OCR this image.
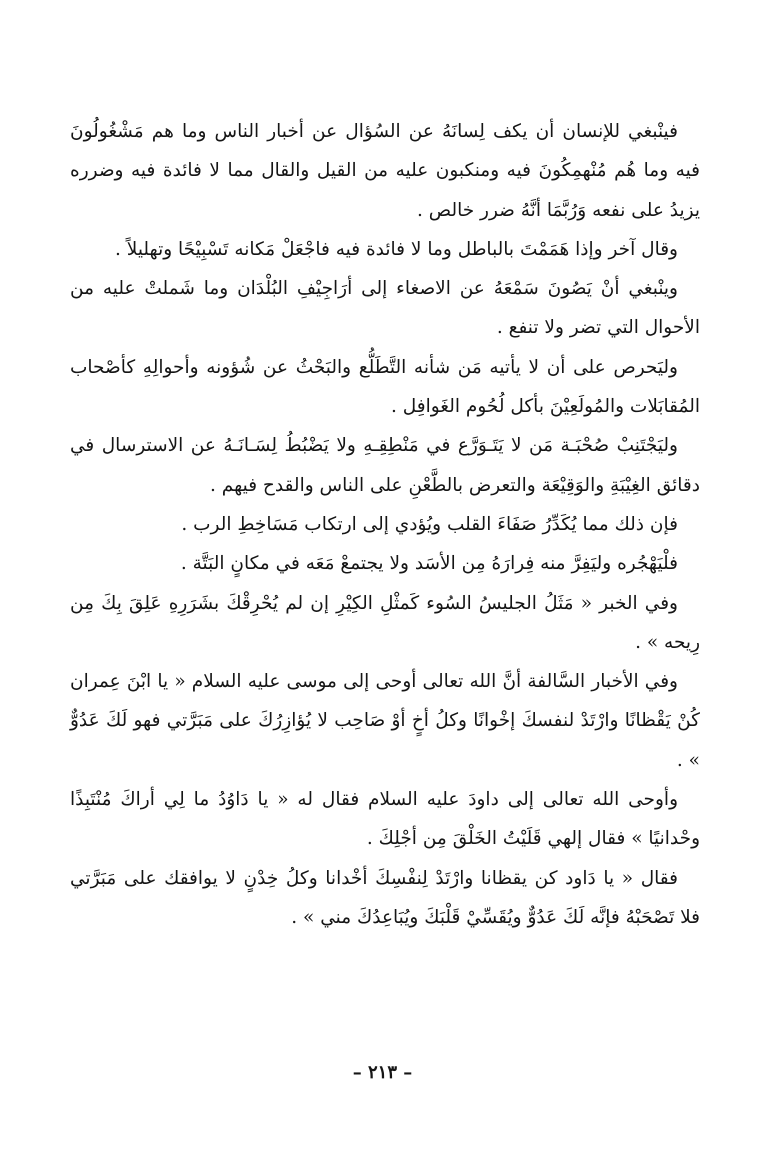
فينْبغي للإنسان أن يكف لِسانَهُ عن السُؤال عن أخبار الناس وما هم مَشْغُولُونَ فيه وما هُم مُنْهمِكُونَ فيه ومنكبون عليه من القيل والقال مما لا فائدة فيه وضرره يزيدُ على نفعه وَرُبَّمَا أنَّهُ ضرر خالص .

وقال آخر وإذا هَمَمْتَ بالباطل وما لا فائدة فيه فاجْعَلْ مَكانه تَسْبِيْحًا وتهليلاً .

وينْبغي أنْ يَصُونَ سَمْعَهُ عن الاصغاء إلى أرَاجِيْفِ البُلْدَان وما شَملتْ عليه من الأحوال التي تضر ولا تنفع .

وليَحرص على أن لا يأتيه مَن شأنه التَّطَلُّع والبَحْثُ عن شُؤونه وأحوالِهِ كأصْحاب المُقابَلات والمُولَعِيْنَ بأكل لُحُوم الغَوافِل .

وليَجْتَنِبْ صُحْبَـة مَن لا يَتَـوَرَّع في مَنْطِقِـهِ ولا يَضْبُطُ لِسَـانَـهُ عن الاسترسال في دقائق الغِيْبَةِ والوَقِيْعَة والتعرض بالطَّعْنِ على الناس والقدح فيهم .

فإن ذلك مما يُكَدِّرُ صَفَاءَ القلب ويُؤدي إلى ارتكاب مَسَاخِطِ الرب .

فلْيَهْجُره وليَفِرَّ منه فِرارَهُ مِن الأسَد ولا يجتمعْ مَعَه في مكانٍ البَتَّة .

وفي الخبر « مَثَلُ الجليسُ السُوء كَمثْلِ الكِيْرِ إن لم يُحْرِقْكَ بشَرَرِهِ عَلِقَ بِكَ مِن رِيحه » .

وفي الأخبار السَّالفة أنَّ الله تعالى أوحى إلى موسى عليه السلام « يا ابْنَ عِمران كُنْ يَقْظانًا وارْتَدْ لنفسكَ إخْوانًا وكلُ أخٍ أوْ صَاحِب لا يُؤازِرُكَ على مَبَرَّتي فهو لَكَ عَدُوٌّ » .

وأوحى الله تعالى إلى داودَ عليه السلام فقال له « يا دَاوُدُ ما لِي أراكَ مُنْتَبِذًا وحْدانيًا » فقال إلهي قَلَيْتُ الخَلْقَ مِن أجْلِكَ .

فقال « يا دَاود كن يقظانا وارْتَدْ لِنفْسِكَ أخْدانا وكلُ خِدْنٍ لا يوافقك على مَبَرَّتي فلا تَصْحَبْهُ فإنَّه لَكَ عَدُوٌّ ويُقَسِّيْ قَلْبَكَ ويُبَاعِدُكَ مني » .

– ٢١٣ –
